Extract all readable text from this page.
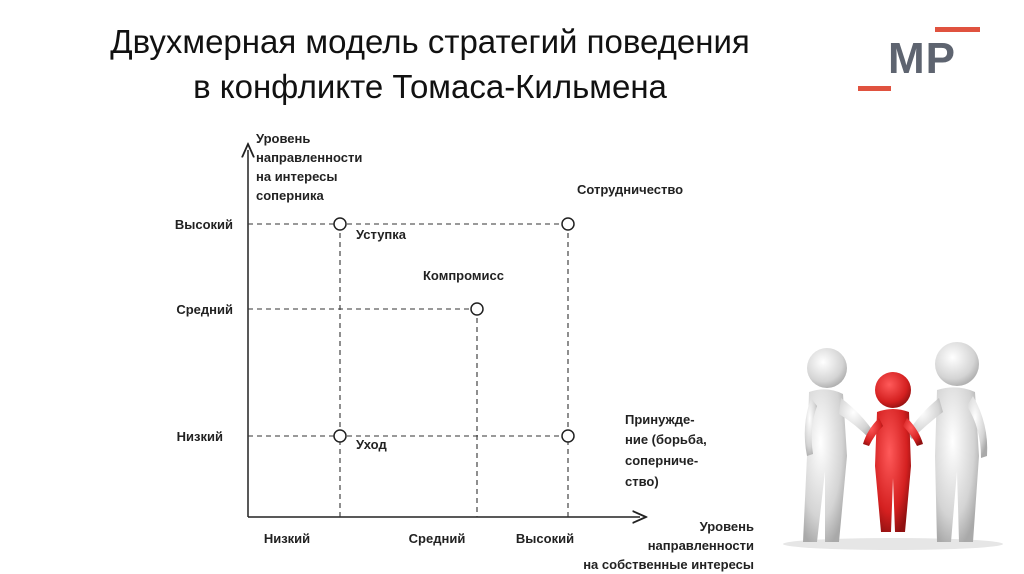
Двухмерная модель стратегий поведения
в конфликте Томаса-Кильмена
МР
Уровень
направленности
на интересы
соперника
Высокий
Средний
Низкий
Низкий	Средний	Высокий
Уровень
направленности
на собственные интересы
Сотрудничество
Уступка
Компромисс
Уход
Принужде-
ние (борьба,
соперниче-
ство)
